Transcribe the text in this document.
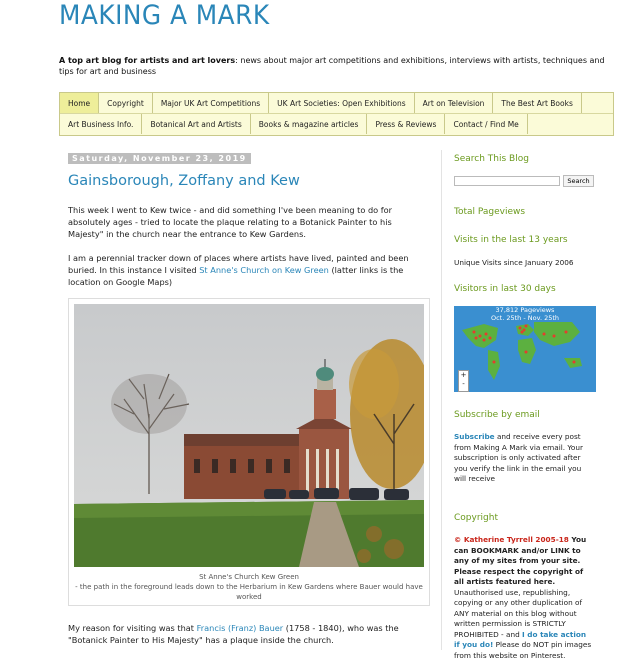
MAKING A MARK
A top art blog for artists and art lovers: news about major art competitions and exhibitions, interviews with artists, techniques and tips for art and business
Home	Copyright	Major UK Art Competitions	UK Art Societies: Open Exhibitions	Art on Television	The Best Art Books
Art Business Info.	Botanical Art and Artists	Books & magazine articles	Press & Reviews	Contact / Find Me
Saturday, November 23, 2019
Gainsborough, Zoffany and Kew
This week I went to Kew twice - and did something I've been meaning to do for absolutely ages - tried to locate the plaque relating to a Botanick Painter to his Majesty" in the church near the entrance to Kew Gardens.
I am a perennial tracker down of places where artists have lived, painted and been buried. In this instance I visited St Anne's Church on Kew Green (latter links is the location on Google Maps)
St Anne's Church Kew Green
- the path in the foreground leads down to the Herbarium in Kew Gardens where Bauer would have worked
My reason for visiting was that Francis (Franz) Bauer (1758 - 1840), who was the "Botanick Painter to His Majesty" has a plaque inside the church.
Search This Blog
Search
Total Pageviews
Visits in the last 13 years
Unique Visits since January 2006
Visitors in last 30 days
37,812 Pageviews
Oct. 25th - Nov. 25th
+
-
Subscribe by email
Subscribe and receive every post from Making A Mark via email. Your subscription is only activated after you verify the link in the email you will receive
Copyright
© Katherine Tyrrell 2005-18 You can BOOKMARK and/or LINK to any of my sites from your site. Please respect the copyright of all artists featured here. Unauthorised use, republishing, copying or any other duplication of ANY material on this blog without written permission is STRICTLY PROHIBITED - and I do take action if you do! Please do NOT pin images from this website on Pinterest.
